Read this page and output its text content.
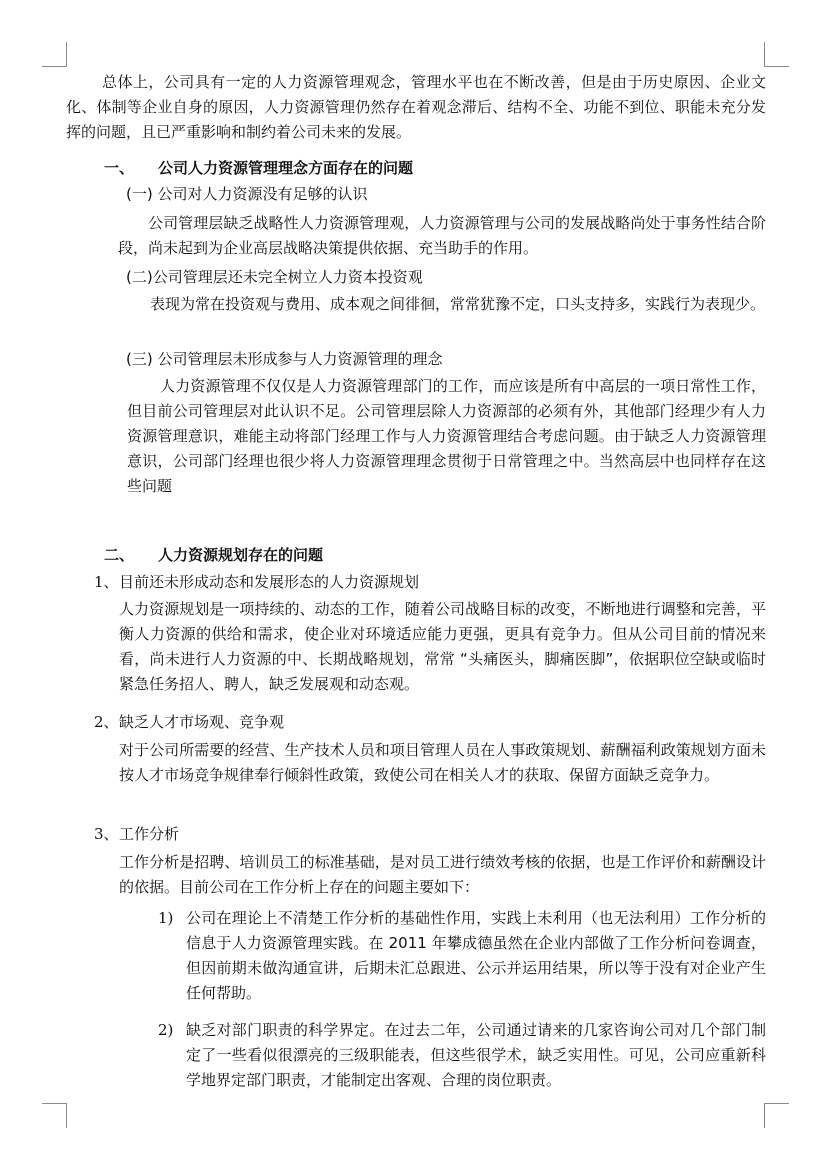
总体上，公司具有一定的人力资源管理观念，管理水平也在不断改善，但是由于历史原因、企业文化、体制等企业自身的原因，人力资源管理仍然存在着观念滞后、结构不全、功能不到位、职能未充分发挥的问题，且已严重影响和制约着公司未来的发展。

一、 公司人力资源管理理念方面存在的问题
(一) 公司对人力资源没有足够的认识

公司管理层缺乏战略性人力资源管理观，人力资源管理与公司的发展战略尚处于事务性结合阶段，尚未起到为企业高层战略决策提供依据、充当助手的作用。

(二)公司管理层还未完全树立人力资本投资观

表现为常在投资观与费用、成本观之间徘徊，常常犹豫不定，口头支持多，实践行为表现少。

(三) 公司管理层未形成参与人力资源管理的理念

人力资源管理不仅仅是人力资源管理部门的工作，而应该是所有中高层的一项日常性工作，但目前公司管理层对此认识不足。公司管理层除人力资源部的必须有外，其他部门经理少有人力资源管理意识，难能主动将部门经理工作与人力资源管理结合考虑问题。由于缺乏人力资源管理意识，公司部门经理也很少将人力资源管理理念贯彻于日常管理之中。当然高层中也同样存在这些问题

二、 人力资源规划存在的问题
1、 目前还未形成动态和发展形态的人力资源规划

人力资源规划是一项持续的、动态的工作，随着公司战略目标的改变，不断地进行调整和完善，平衡人力资源的供给和需求，使企业对环境适应能力更强，更具有竞争力。但从公司目前的情况来看，尚未进行人力资源的中、长期战略规划，常常 “头痛医头，脚痛医脚”，依据职位空缺或临时紧急任务招人、聘人，缺乏发展观和动态观。

2、 缺乏人才市场观、竞争观

对于公司所需要的经营、生产技术人员和项目管理人员在人事政策规划、薪酬福利政策规划方面未按人才市场竞争规律奉行倾斜性政策，致使公司在相关人才的获取、保留方面缺乏竞争力。

3、 工作分析

工作分析是招聘、培训员工的标准基础，是对员工进行绩效考核的依据，也是工作评价和薪酬设计的依据。目前公司在工作分析上存在的问题主要如下：

1) 公司在理论上不清楚工作分析的基础性作用，实践上未利用（也无法利用）工作分析的信息于人力资源管理实践。在 2011 年攀成德虽然在企业内部做了工作分析问卷调查，但因前期未做沟通宣讲，后期未汇总跟进、公示并运用结果，所以等于没有对企业产生任何帮助。

2) 缺乏对部门职责的科学界定。在过去二年，公司通过请来的几家咨询公司对几个部门制定了一些看似很漂亮的三级职能表，但这些很学术，缺乏实用性。可见，公司应重新科学地界定部门职责，才能制定出客观、合理的岗位职责。
